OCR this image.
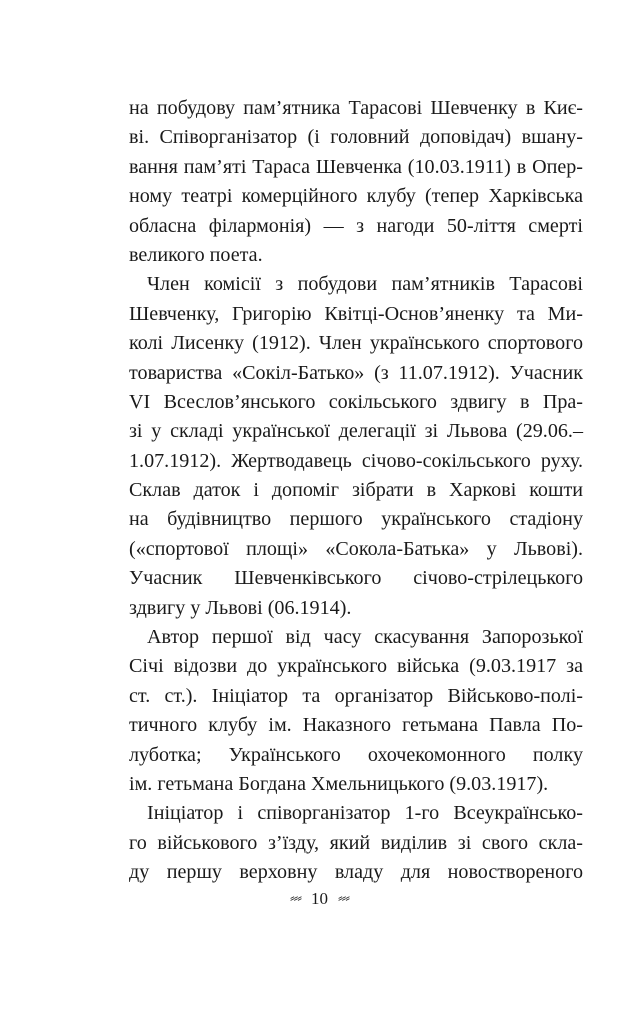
на побудову пам’ятника Тарасові Шевченку в Киє-
ві. Співорганізатор (і головний доповідач) вшану-
вання пам’яті Тараса Шевченка (10.03.1911) в Опер-
ному театрі комерційного клубу (тепер Харківська
обласна філармонія) — з нагоди 50-ліття смерті
великого поета.
Член комісії з побудови пам’ятників Тарасові
Шевченку, Григорію Квітці-Основ’яненку та Ми-
колі Лисенку (1912). Член українського спортового
товариства «Сокіл-Батько» (з 11.07.1912). Учасник
VI Всеслов’янського сокільського здвигу в Пра-
зі у складі української делегації зі Львова (29.06.–
1.07.1912). Жертводавець січово-сокільського руху.
Склав даток і допоміг зібрати в Харкові кошти
на будівництво першого українського стадіону
(«спортової площі» «Сокола-Батька» у Львові).
Учасник Шевченківського січово-стрілецького
здвигу у Львові (06.1914).
Автор першої від часу скасування Запорозької
Січі відозви до українського війська (9.03.1917 за
ст. ст.). Ініціатор та організатор Військово-полі-
тичного клубу ім. Наказного гетьмана Павла По-
луботка; Українського охочекомонного полку
ім. гетьмана Богдана Хмельницького (9.03.1917).
Ініціатор і співорганізатор 1-го Всеукраїнсько-
го військового з’їзду, який виділив зі свого скла-
ду першу верховну владу для новоствореного
⸗⸗⸗ 10 ⸗⸗⸗
